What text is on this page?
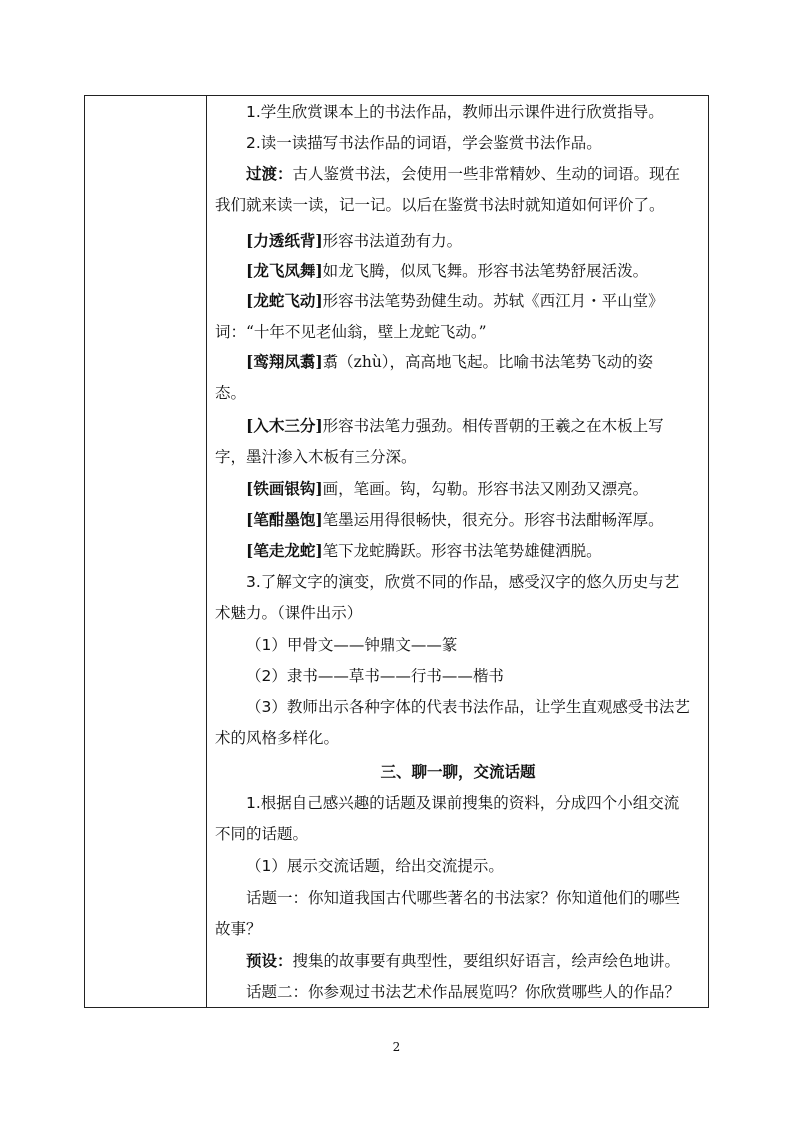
1.学生欣赏课本上的书法作品，教师出示课件进行欣赏指导。
2.读一读描写书法作品的词语，学会鉴赏书法作品。
过渡：古人鉴赏书法，会使用一些非常精妙、生动的词语。现在
我们就来读一读，记一记。以后在鉴赏书法时就知道如何评价了。
[力透纸背]形容书法道劲有力。
[龙飞凤舞]如龙飞腾，似凤飞舞。形容书法笔势舒展活泼。
[龙蛇飞动]形容书法笔势劲健生动。苏轼《西江月・平山堂》
词：“十年不见老仙翁，壁上龙蛇飞动。”
[鸾翔凤翥]翥（zhù），高高地飞起。比喻书法笔势飞动的姿
态。
[入木三分]形容书法笔力强劲。相传晋朝的王羲之在木板上写
字，墨汁渗入木板有三分深。
[铁画银钩]画，笔画。钩，勾勒。形容书法又刚劲又漂亮。
[笔酣墨饱]笔墨运用得很畅快，很充分。形容书法酣畅浑厚。
[笔走龙蛇]笔下龙蛇腾跃。形容书法笔势雄健洒脱。
3.了解文字的演变，欣赏不同的作品，感受汉字的悠久历史与艺
术魅力。（课件出示）
（1）甲骨文——钟鼎文——篆
（2）隶书——草书——行书——楷书
（3）教师出示各种字体的代表书法作品，让学生直观感受书法艺
术的风格多样化。
三、聊一聊，交流话题
1.根据自己感兴趣的话题及课前搜集的资料，分成四个小组交流
不同的话题。
（1）展示交流话题，给出交流提示。
话题一：你知道我国古代哪些著名的书法家？你知道他们的哪些
故事？
预设：搜集的故事要有典型性，要组织好语言，绘声绘色地讲。
话题二：你参观过书法艺术作品展览吗？你欣赏哪些人的作品？
2
